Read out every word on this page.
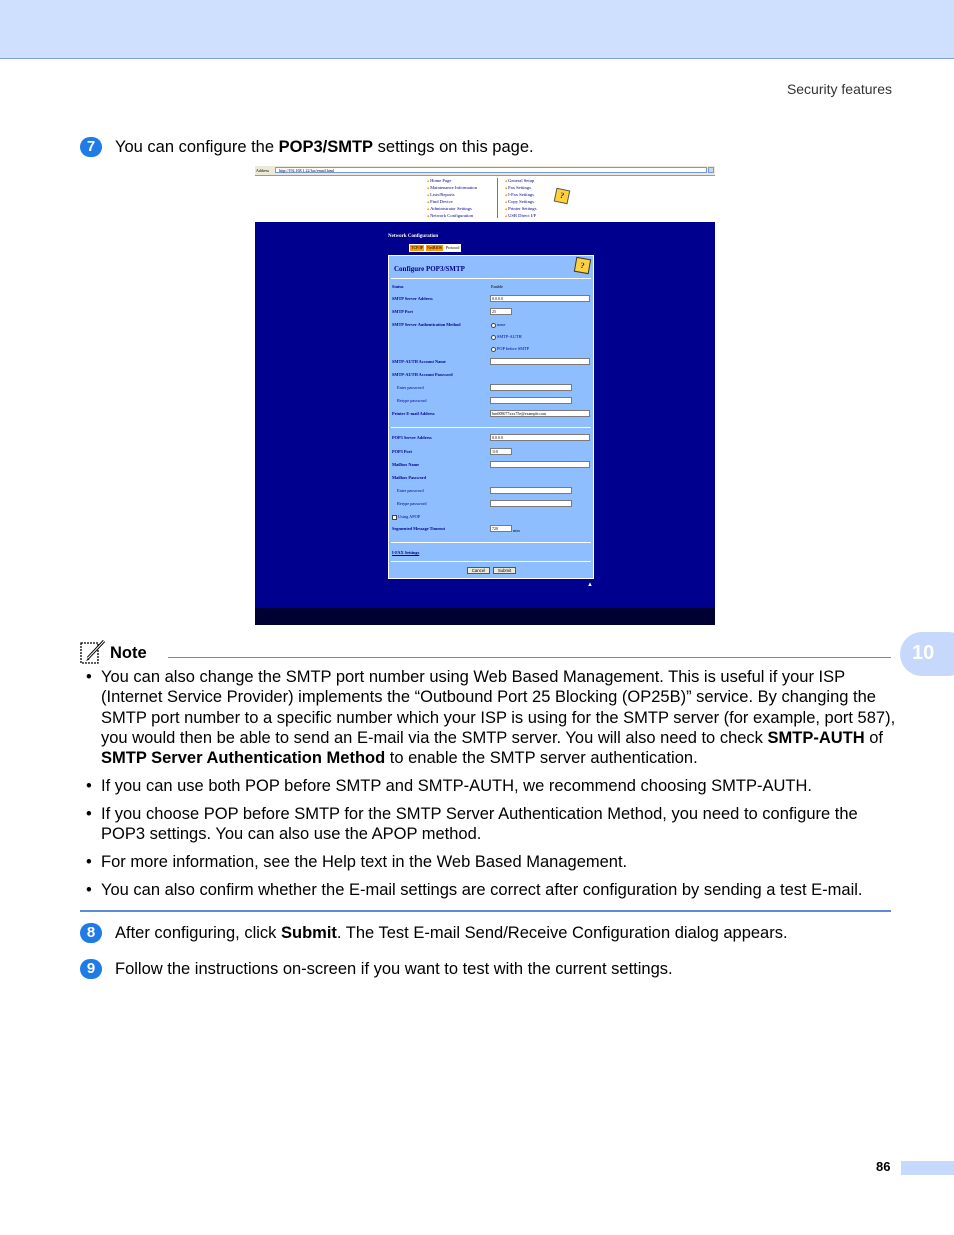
Security features
7	You can configure the POP3/SMTP settings on this page.
Address	http://192.168.1.22/fax/email.html
◆ Home Page
◆ Maintenance Information
◆ Lists/Reports
◆ Find Device
◆ Administrator Settings
◆ Network Configuration
◆ General Setup
◆ Fax Settings
◆ I-Fax Settings
◆ Copy Settings
◆ Printer Settings
◆ USB Direct I/F
?
Network Configuration
TCP/IP NetBIOS Protocol
Configure POP3/SMTP	?
Status	Enable
SMTP Server Address	0.0.0.0
SMTP Port	25
SMTP Server Authentication Method	none
SMTP-AUTH
POP before SMTP
SMTP-AUTH Account Name
SMTP-AUTH Account Password
Enter password
Retype password
Printer E-mail Address	brn008077xxx75e@example.com
POP3 Server Address	0.0.0.0
POP3 Port	110
Mailbox Name
Mailbox Password
Enter password
Retype password
Using APOP
Segmented Message Timeout	720	min
I-FAX Settings
Cancel	Submit
▲
Note	10
• You can also change the SMTP port number using Web Based Management. This is useful if your ISP (Internet Service Provider) implements the “Outbound Port 25 Blocking (OP25B)” service. By changing the SMTP port number to a specific number which your ISP is using for the SMTP server (for example, port 587), you would then be able to send an E-mail via the SMTP server. You will also need to check SMTP-AUTH of SMTP Server Authentication Method to enable the SMTP server authentication.
• If you can use both POP before SMTP and SMTP-AUTH, we recommend choosing SMTP-AUTH.
• If you choose POP before SMTP for the SMTP Server Authentication Method, you need to configure the POP3 settings. You can also use the APOP method.
• For more information, see the Help text in the Web Based Management.
• You can also confirm whether the E-mail settings are correct after configuration by sending a test E-mail.
8	After configuring, click Submit. The Test E-mail Send/Receive Configuration dialog appears.
9	Follow the instructions on-screen if you want to test with the current settings.
86
